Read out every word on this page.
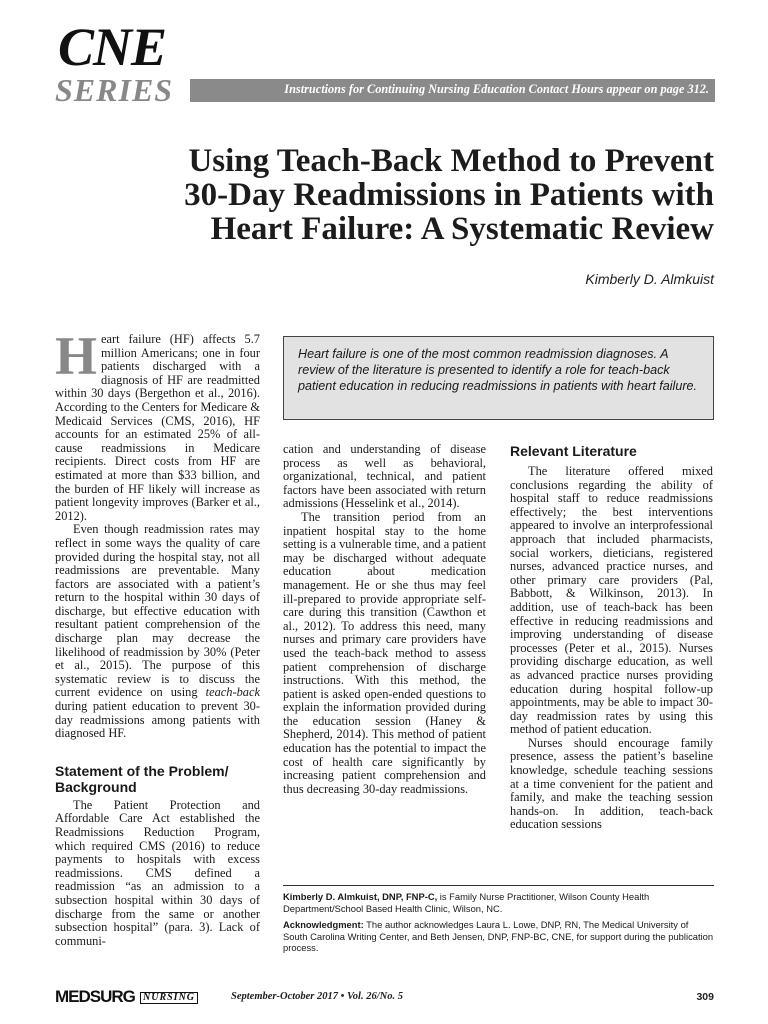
CNE
SERIES	Instructions for Continuing Nursing Education Contact Hours appear on page 312.
Using Teach-Back Method to Prevent
30-Day Readmissions in Patients with
Heart Failure: A Systematic Review
Kimberly D. Almkuist
Heart failure is one of the most common readmission diagnoses. A review of the literature is presented to identify a role for teach-back patient education in reducing readmissions in patients with heart failure.

Heart failure (HF) affects 5.7 million Americans; one in four patients discharged with a diagnosis of HF are readmitted within 30 days (Bergethon et al., 2016). According to the Centers for Medicare & Medicaid Services (CMS, 2016), HF accounts for an estimated 25% of all-cause readmissions in Medicare recipients. Direct costs from HF are estimated at more than $33 billion, and the burden of HF likely will increase as patient longevity improves (Barker et al., 2012).

Even though readmission rates may reflect in some ways the quality of care provided during the hospital stay, not all readmissions are preventable. Many factors are associated with a patient’s return to the hospital within 30 days of discharge, but effective education with resultant patient comprehension of the discharge plan may decrease the likelihood of readmission by 30% (Peter et al., 2015). The purpose of this systematic review is to discuss the current evidence on using teach-back during patient education to prevent 30-day readmissions among patients with diagnosed HF.

Statement of the Problem/ Background

The Patient Protection and Affordable Care Act established the Readmissions Reduction Program, which required CMS (2016) to reduce payments to hospitals with excess readmissions. CMS defined a readmission “as an admission to a subsection hospital within 30 days of discharge from the same or another subsection hospital” (para. 3). Lack of communi-

cation and understanding of disease process as well as behavioral, organizational, technical, and patient factors have been associated with return admissions (Hesselink et al., 2014).

The transition period from an inpatient hospital stay to the home setting is a vulnerable time, and a patient may be discharged without adequate education about medication management. He or she thus may feel ill-prepared to provide appropriate self-care during this transition (Cawthon et al., 2012). To address this need, many nurses and primary care providers have used the teach-back method to assess patient comprehension of discharge instructions. With this method, the patient is asked open-ended questions to explain the information provided during the education session (Haney & Shepherd, 2014). This method of patient education has the potential to impact the cost of health care significantly by increasing patient comprehension and thus decreasing 30-day readmissions.

Relevant Literature

The literature offered mixed conclusions regarding the ability of hospital staff to reduce readmissions effectively; the best interventions appeared to involve an interprofessional approach that included pharmacists, social workers, dieticians, registered nurses, advanced practice nurses, and other primary care providers (Pal, Babbott, & Wilkinson, 2013). In addition, use of teach-back has been effective in reducing readmissions and improving understanding of disease processes (Peter et al., 2015). Nurses providing discharge education, as well as advanced practice nurses providing education during hospital follow-up appointments, may be able to impact 30-day readmission rates by using this method of patient education.

Nurses should encourage family presence, assess the patient’s baseline knowledge, schedule teaching sessions at a time convenient for the patient and family, and make the teaching session hands-on. In addition, teach-back education sessions

Kimberly D. Almkuist, DNP, FNP-C, is Family Nurse Practitioner, Wilson County Health Department/School Based Health Clinic, Wilson, NC.

Acknowledgment: The author acknowledges Laura L. Lowe, DNP, RN, The Medical University of South Carolina Writing Center, and Beth Jensen, DNP, FNP-BC, CNE, for support during the publication process.

MEDSURG NURSING	September-October 2017 • Vol. 26/No. 5	309
